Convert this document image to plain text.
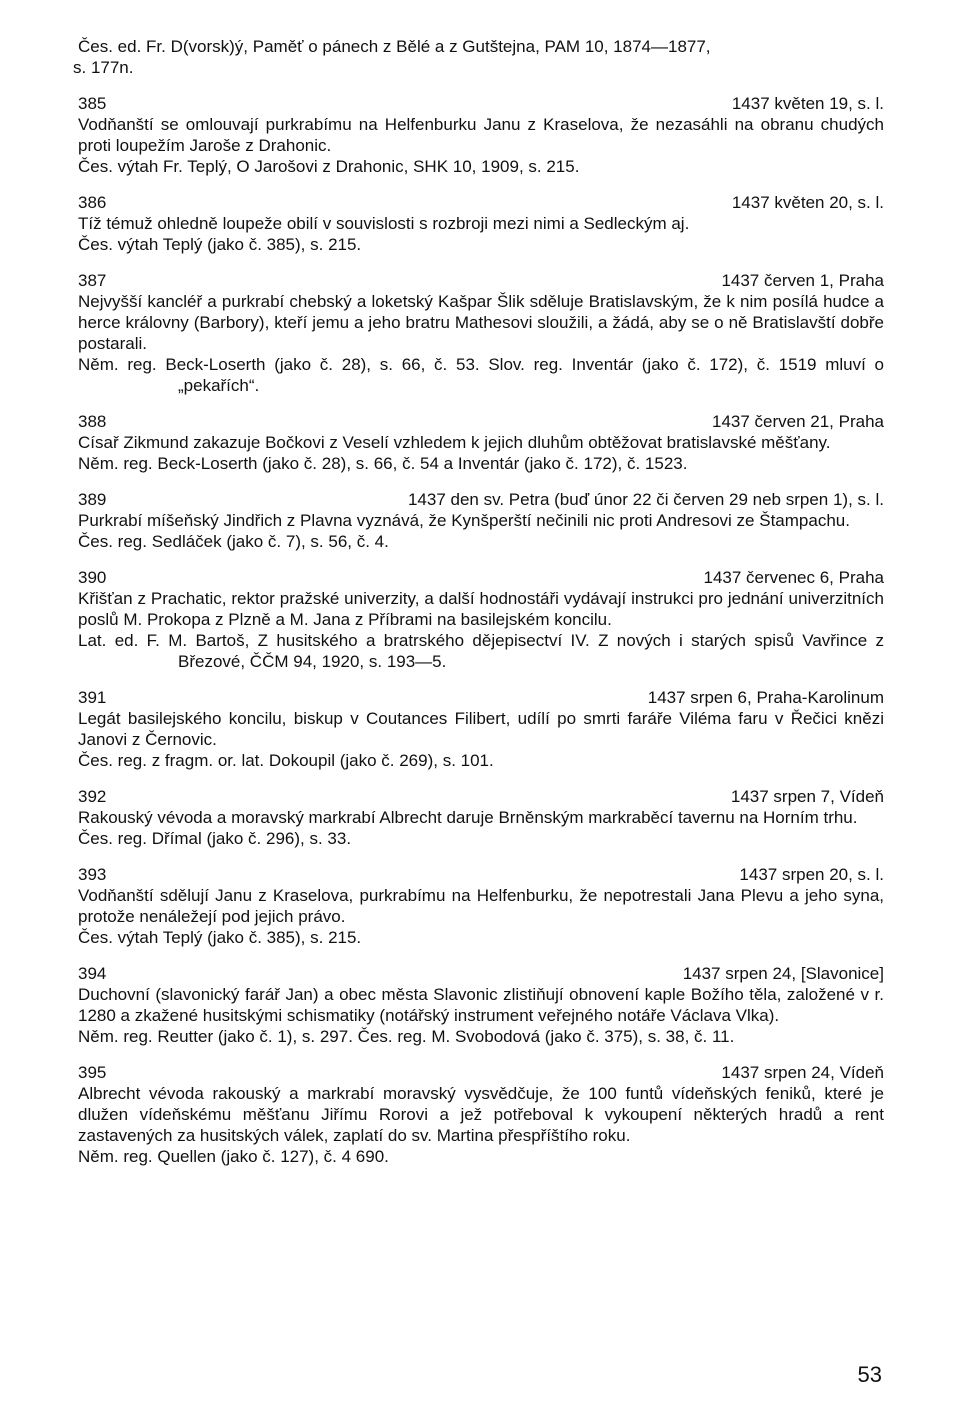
Čes. ed. Fr. D(vorsk)ý, Paměť o pánech z Bělé a z Gutštejna, PAM 10, 1874—1877,
s. 177n.
385	1437 květen 19, s. l.
Vodňanští se omlouvají purkrabímu na Helfenburku Janu z Kraselova, že nezasáhli na obranu chudých proti loupežím Jaroše z Drahonic.
Čes. výtah Fr. Teplý, O Jarošovi z Drahonic, SHK 10, 1909, s. 215.
386	1437 květen 20, s. l.
Tíž témuž ohledně loupeže obilí v souvislosti s rozbroji mezi nimi a Sedleckým aj.
Čes. výtah Teplý (jako č. 385), s. 215.
387	1437 červen 1, Praha
Nejvyšší kancléř a purkrabí chebský a loketský Kašpar Šlik sděluje Bratislavským, že k nim posílá hudce a herce královny (Barbory), kteří jemu a jeho bratru Mathesovi sloužili, a žádá, aby se o ně Bratislavští dobře postarali.
Něm. reg. Beck-Loserth (jako č. 28), s. 66, č. 53. Slov. reg. Inventár (jako č. 172), č. 1519 mluví o „pekařích“.
388	1437 červen 21, Praha
Císař Zikmund zakazuje Bočkovi z Veselí vzhledem k jejich dluhům obtěžovat bratislavské měšťany.
Něm. reg. Beck-Loserth (jako č. 28), s. 66, č. 54 a Inventár (jako č. 172), č. 1523.
389	1437 den sv. Petra (buď únor 22 či červen 29 neb srpen 1), s. l.
Purkrabí míšeňský Jindřich z Plavna vyznává, že Kynšperští nečinili nic proti Andresovi ze Štampachu.
Čes. reg. Sedláček (jako č. 7), s. 56, č. 4.
390	1437 červenec 6, Praha
Křišťan z Prachatic, rektor pražské univerzity, a další hodnostáři vydávají instrukci pro jednání univerzitních poslů M. Prokopa z Plzně a M. Jana z Příbrami na basilejském koncilu.
Lat. ed. F. M. Bartoš, Z husitského a bratrského dějepisectví IV. Z nových i starých spisů Vavřince z Březové, ČČM 94, 1920, s. 193—5.
391	1437 srpen 6, Praha-Karolinum
Legát basilejského koncilu, biskup v Coutances Filibert, udílí po smrti faráře Viléma faru v Řečici knězi Janovi z Černovic.
Čes. reg. z fragm. or. lat. Dokoupil (jako č. 269), s. 101.
392	1437 srpen 7, Vídeň
Rakouský vévoda a moravský markrabí Albrecht daruje Brněnským markraběcí tavernu na Horním trhu.
Čes. reg. Dřímal (jako č. 296), s. 33.
393	1437 srpen 20, s. l.
Vodňanští sdělují Janu z Kraselova, purkrabímu na Helfenburku, že nepotrestali Jana Plevu a jeho syna, protože nenáležejí pod jejich právo.
Čes. výtah Teplý (jako č. 385), s. 215.
394	1437 srpen 24, [Slavonice]
Duchovní (slavonický farář Jan) a obec města Slavonic zlistiňují obnovení kaple Božího těla, založené v r. 1280 a zkažené husitskými schismatiky (notářský instrument veřejného notáře Václava Vlka).
Něm. reg. Reutter (jako č. 1), s. 297. Čes. reg. M. Svobodová (jako č. 375), s. 38, č. 11.
395	1437 srpen 24, Vídeň
Albrecht vévoda rakouský a markrabí moravský vysvědčuje, že 100 funtů vídeňských feniků, které je dlužen vídeňskému měšťanu Jiřímu Rorovi a jež potřeboval k vykoupení některých hradů a rent zastavených za husitských válek, zaplatí do sv. Martina přespříštího roku.
Něm. reg. Quellen (jako č. 127), č. 4 690.
53
